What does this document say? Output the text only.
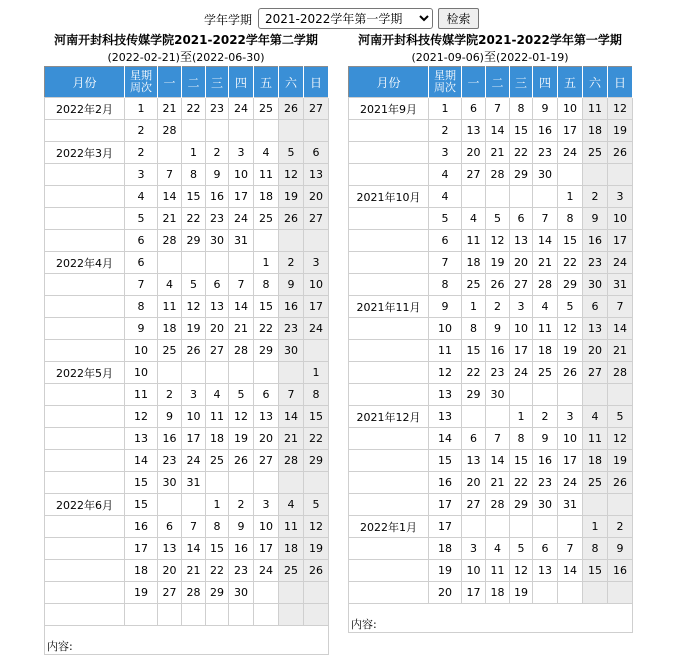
学年学期
2021-2022学年第一学期	检索
河南开封科技传媒学院2021-2022学年第二学期
(2022-02-21)至(2022-06-30)
月份	星期
周次	一	二	三	四	五	六	日
2022年2月	1	21	22	23	24	25	26	27
	2	28						
2022年3月	2		1	2	3	4	5	6
	3	7	8	9	10	11	12	13
	4	14	15	16	17	18	19	20
	5	21	22	23	24	25	26	27
	6	28	29	30	31			
2022年4月	6					1	2	3
	7	4	5	6	7	8	9	10
	8	11	12	13	14	15	16	17
	9	18	19	20	21	22	23	24
	10	25	26	27	28	29	30	
2022年5月	10							1
	11	2	3	4	5	6	7	8
	12	9	10	11	12	13	14	15
	13	16	17	18	19	20	21	22
	14	23	24	25	26	27	28	29
	15	30	31					
2022年6月	15			1	2	3	4	5
	16	6	7	8	9	10	11	12
	17	13	14	15	16	17	18	19
	18	20	21	22	23	24	25	26
	19	27	28	29	30			

内容:								
河南开封科技传媒学院2021-2022学年第一学期
(2021-09-06)至(2022-01-19)
月份	星期
周次	一	二	三	四	五	六	日
2021年9月	1	6	7	8	9	10	11	12
	2	13	14	15	16	17	18	19
	3	20	21	22	23	24	25	26
	4	27	28	29	30			
2021年10月	4					1	2	3
	5	4	5	6	7	8	9	10
	6	11	12	13	14	15	16	17
	7	18	19	20	21	22	23	24
	8	25	26	27	28	29	30	31
2021年11月	9	1	2	3	4	5	6	7
	10	8	9	10	11	12	13	14
	11	15	16	17	18	19	20	21
	12	22	23	24	25	26	27	28
	13	29	30					
2021年12月	13			1	2	3	4	5
	14	6	7	8	9	10	11	12
	15	13	14	15	16	17	18	19
	16	20	21	22	23	24	25	26
	17	27	28	29	30	31		
2022年1月	17						1	2
	18	3	4	5	6	7	8	9
	19	10	11	12	13	14	15	16
	20	17	18	19				
内容:								
